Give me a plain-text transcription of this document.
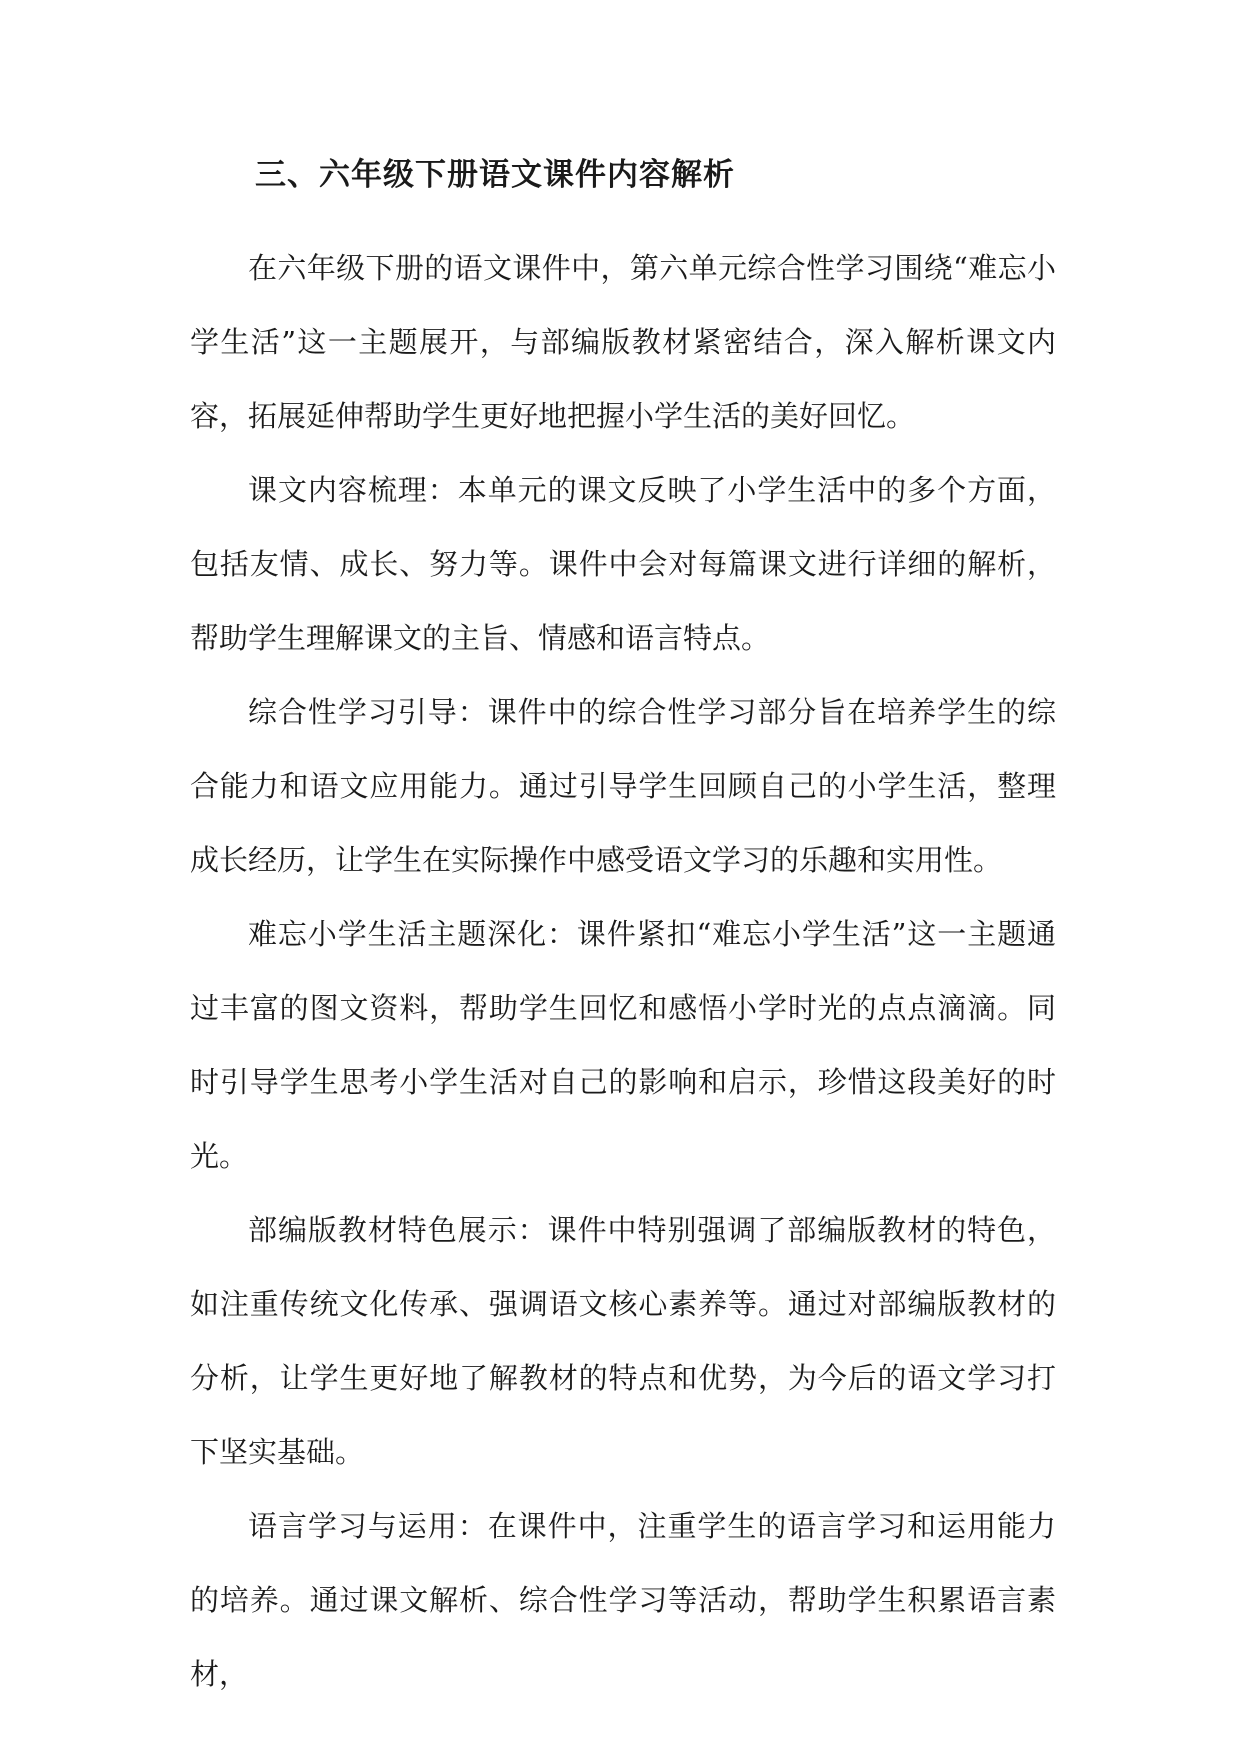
三、六年级下册语文课件内容解析

在六年级下册的语文课件中，第六单元综合性学习围绕“难忘小学生活”这一主题展开，与部编版教材紧密结合，深入解析课文内容，拓展延伸帮助学生更好地把握小学生活的美好回忆。

课文内容梳理：本单元的课文反映了小学生活中的多个方面，包括友情、成长、努力等。课件中会对每篇课文进行详细的解析，帮助学生理解课文的主旨、情感和语言特点。

综合性学习引导：课件中的综合性学习部分旨在培养学生的综合能力和语文应用能力。通过引导学生回顾自己的小学生活，整理成长经历，让学生在实际操作中感受语文学习的乐趣和实用性。

难忘小学生活主题深化：课件紧扣“难忘小学生活”这一主题通过丰富的图文资料，帮助学生回忆和感悟小学时光的点点滴滴。同时引导学生思考小学生活对自己的影响和启示，珍惜这段美好的时光。

部编版教材特色展示：课件中特别强调了部编版教材的特色，如注重传统文化传承、强调语文核心素养等。通过对部编版教材的分析，让学生更好地了解教材的特点和优势，为今后的语文学习打下坚实基础。

语言学习与运用：在课件中，注重学生的语言学习和运用能力的培养。通过课文解析、综合性学习等活动，帮助学生积累语言素材，
